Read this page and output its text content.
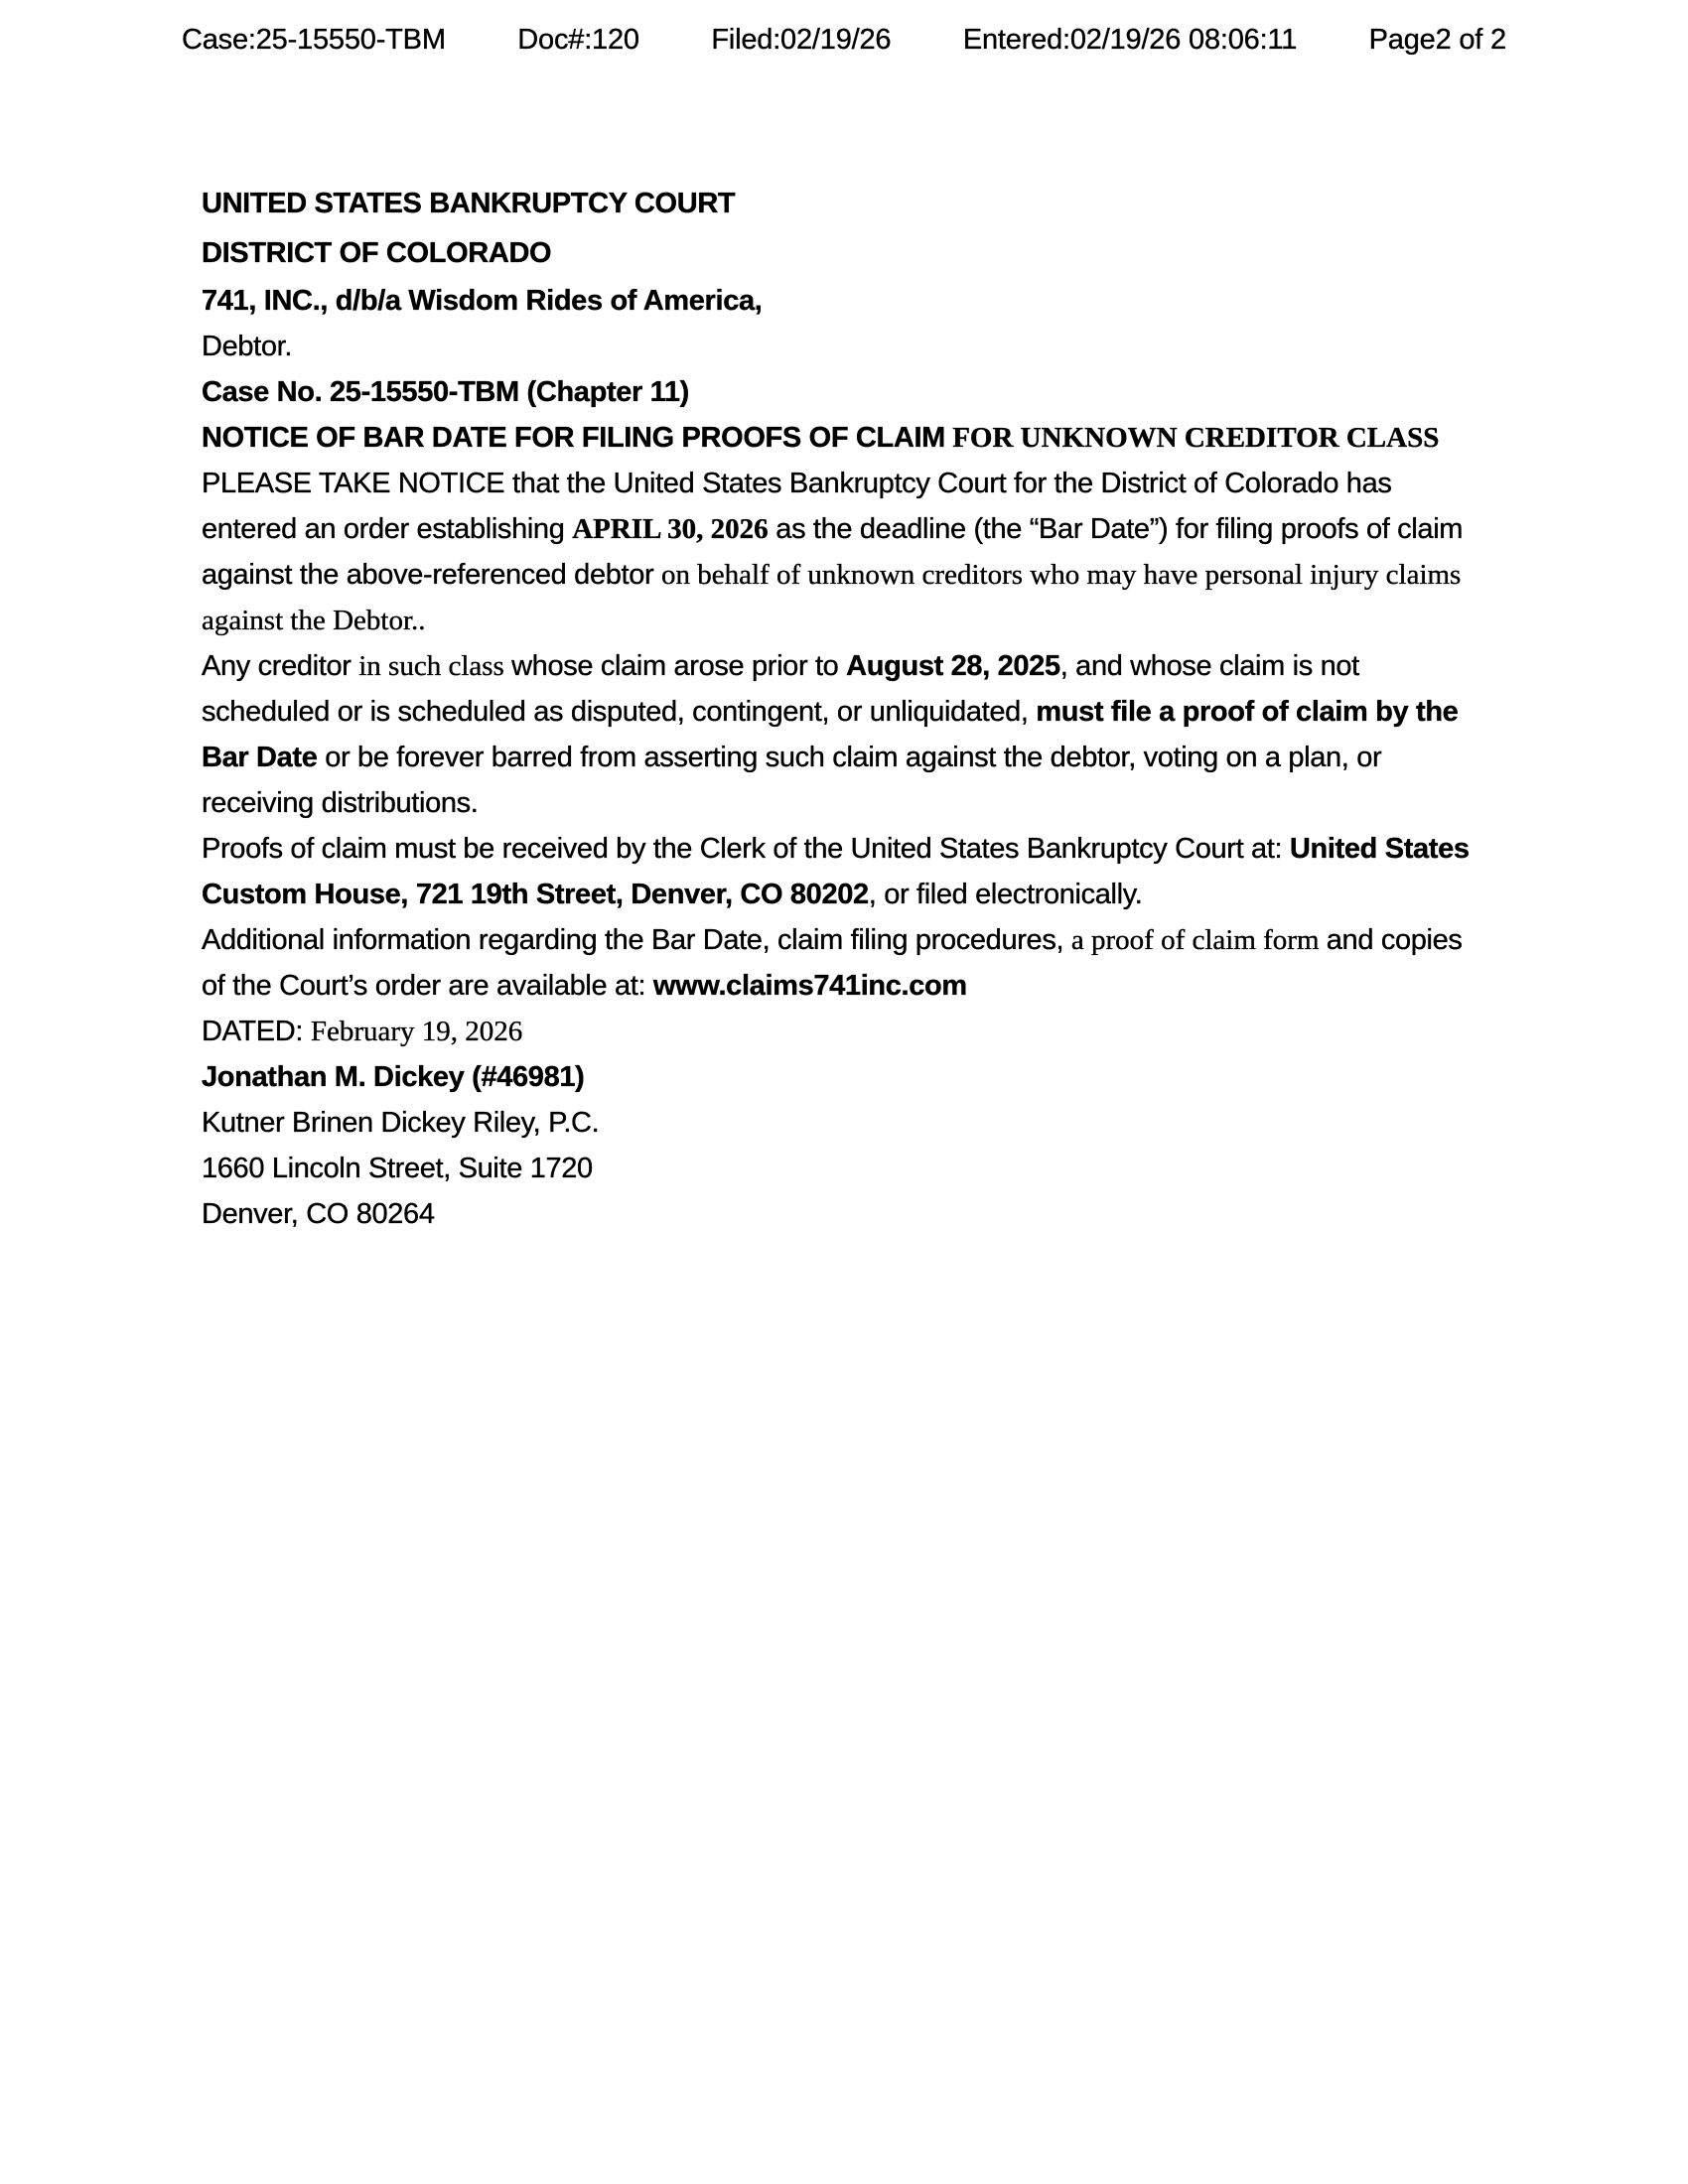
Case:25-15550-TBM	Doc#:120	Filed:02/19/26	Entered:02/19/26 08:06:11	Page2 of 2
UNITED STATES BANKRUPTCY COURT
DISTRICT OF COLORADO
741, INC., d/b/a Wisdom Rides of America,
Debtor.
Case No. 25-15550-TBM (Chapter 11)
NOTICE OF BAR DATE FOR FILING PROOFS OF CLAIM FOR UNKNOWN CREDITOR CLASS

PLEASE TAKE NOTICE that the United States Bankruptcy Court for the District of Colorado has entered an order establishing APRIL 30, 2026 as the deadline (the “Bar Date”) for filing proofs of claim against the above-referenced debtor on behalf of unknown creditors who may have personal injury claims against the Debtor..

Any creditor in such class whose claim arose prior to August 28, 2025, and whose claim is not scheduled or is scheduled as disputed, contingent, or unliquidated, must file a proof of claim by the Bar Date or be forever barred from asserting such claim against the debtor, voting on a plan, or receiving distributions.

Proofs of claim must be received by the Clerk of the United States Bankruptcy Court at: United States Custom House, 721 19th Street, Denver, CO 80202, or filed electronically.

Additional information regarding the Bar Date, claim filing procedures, a proof of claim form and copies of the Court’s order are available at: www.claims741inc.com

DATED: February 19, 2026
Jonathan M. Dickey (#46981)
Kutner Brinen Dickey Riley, P.C.
1660 Lincoln Street, Suite 1720
Denver, CO 80264
